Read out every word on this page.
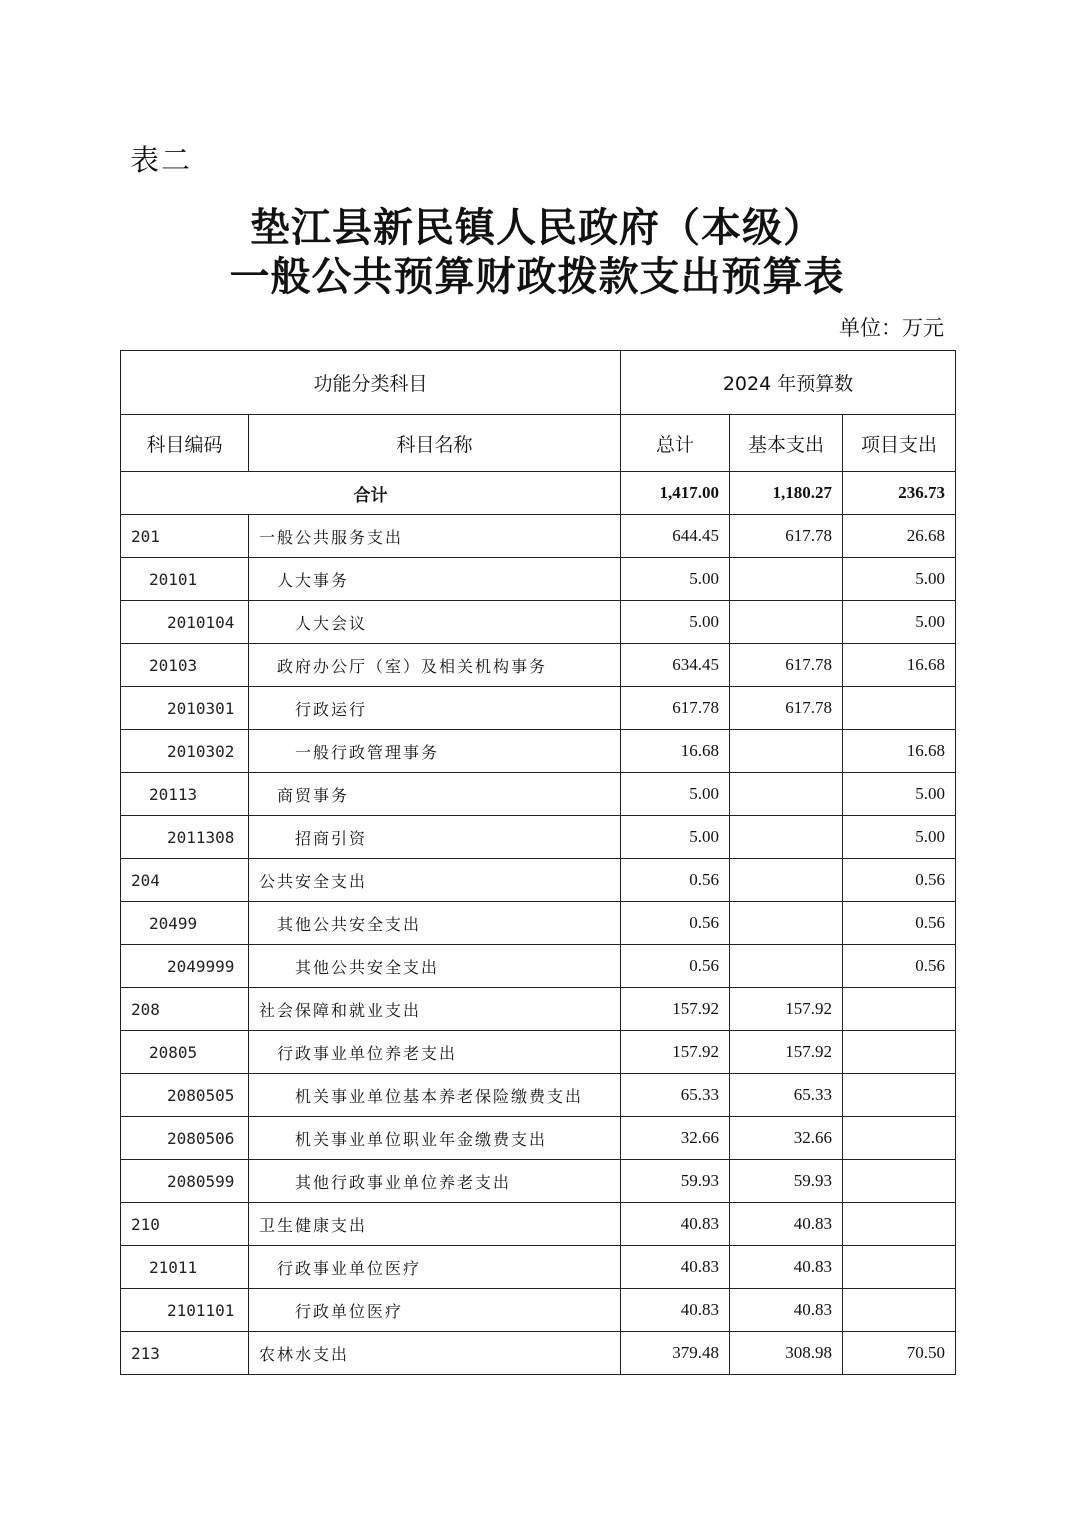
表二
垫江县新民镇人民政府（本级）
一般公共预算财政拨款支出预算表
单位：万元
功能分类科目		2024 年预算数		
科目编码	科目名称	总计	基本支出	项目支出
合计		1,417.00	1,180.27	236.73
201	一般公共服务支出	644.45	617.78	26.68
20101	人大事务	5.00		5.00
2010104	人大会议	5.00		5.00
20103	政府办公厅（室）及相关机构事务	634.45	617.78	16.68
2010301	行政运行	617.78	617.78	
2010302	一般行政管理事务	16.68		16.68
20113	商贸事务	5.00		5.00
2011308	招商引资	5.00		5.00
204	公共安全支出	0.56		0.56
20499	其他公共安全支出	0.56		0.56
2049999	其他公共安全支出	0.56		0.56
208	社会保障和就业支出	157.92	157.92	
20805	行政事业单位养老支出	157.92	157.92	
2080505	机关事业单位基本养老保险缴费支出	65.33	65.33	
2080506	机关事业单位职业年金缴费支出	32.66	32.66	
2080599	其他行政事业单位养老支出	59.93	59.93	
210	卫生健康支出	40.83	40.83	
21011	行政事业单位医疗	40.83	40.83	
2101101	行政单位医疗	40.83	40.83	
213	农林水支出	379.48	308.98	70.50
